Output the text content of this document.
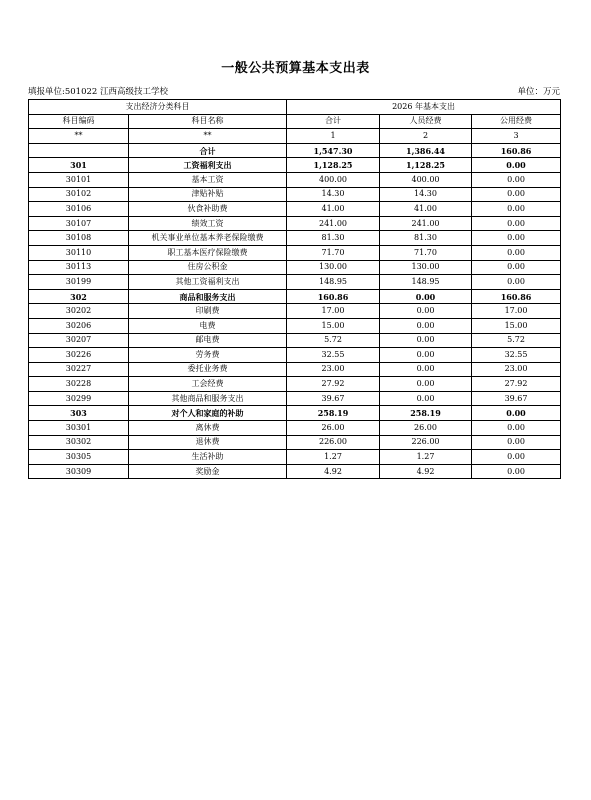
一般公共预算基本支出表
填报单位:501022 江西高级技工学校	单位：万元
支出经济分类科目		2026 年基本支出		
科目编码	科目名称	合计	人员经费	公用经费
**	**	1	2	3
	合计	1,547.30	1,386.44	160.86
301	工资福利支出	1,128.25	1,128.25	0.00
30101	基本工资	400.00	400.00	0.00
30102	津贴补贴	14.30	14.30	0.00
30106	伙食补助费	41.00	41.00	0.00
30107	绩效工资	241.00	241.00	0.00
30108	机关事业单位基本养老保险缴费	81.30	81.30	0.00
30110	职工基本医疗保险缴费	71.70	71.70	0.00
30113	住房公积金	130.00	130.00	0.00
30199	其他工资福利支出	148.95	148.95	0.00
302	商品和服务支出	160.86	0.00	160.86
30202	印刷费	17.00	0.00	17.00
30206	电费	15.00	0.00	15.00
30207	邮电费	5.72	0.00	5.72
30226	劳务费	32.55	0.00	32.55
30227	委托业务费	23.00	0.00	23.00
30228	工会经费	27.92	0.00	27.92
30299	其他商品和服务支出	39.67	0.00	39.67
303	对个人和家庭的补助	258.19	258.19	0.00
30301	离休费	26.00	26.00	0.00
30302	退休费	226.00	226.00	0.00
30305	生活补助	1.27	1.27	0.00
30309	奖励金	4.92	4.92	0.00
